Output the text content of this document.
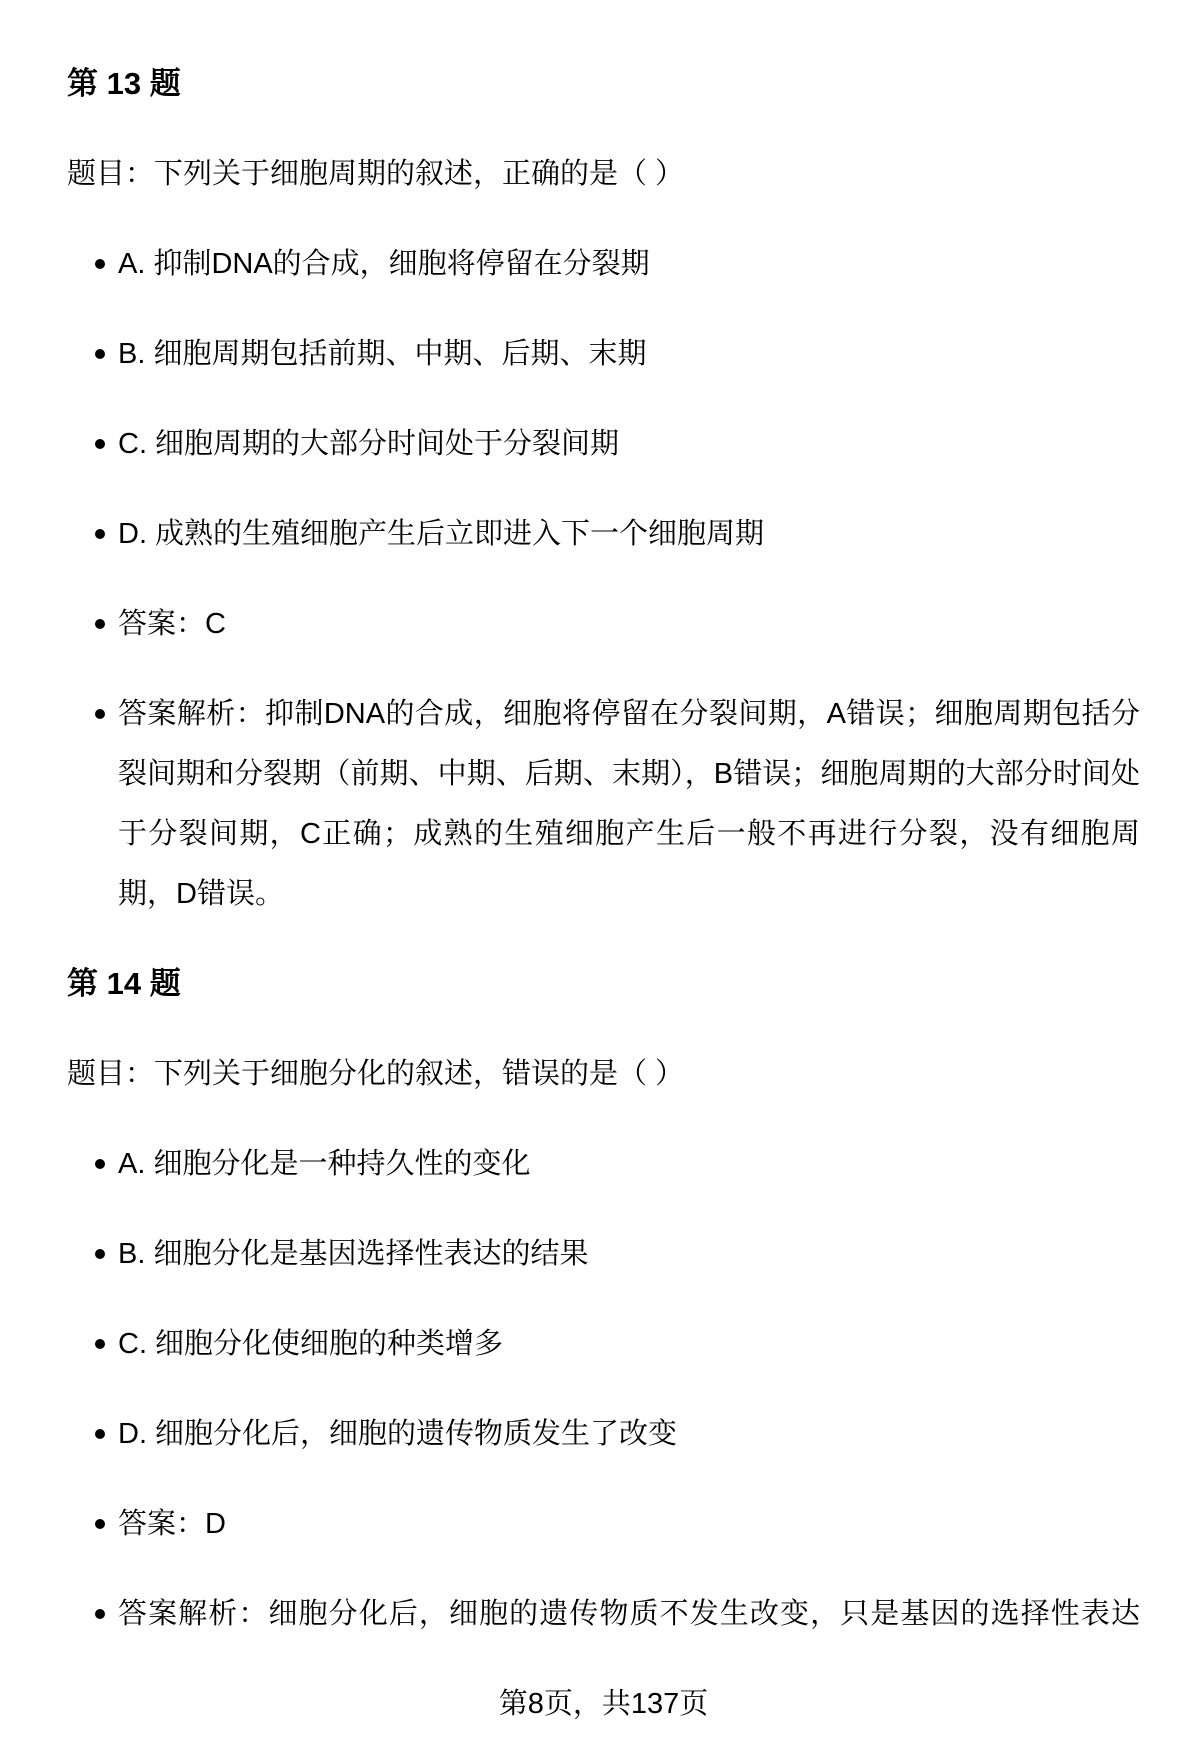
第 13 题

题目：下列关于细胞周期的叙述，正确的是（ ）

A. 抑制DNA的合成，细胞将停留在分裂期
B. 细胞周期包括前期、中期、后期、末期
C. 细胞周期的大部分时间处于分裂间期
D. 成熟的生殖细胞产生后立即进入下一个细胞周期
答案：C
答案解析：抑制DNA的合成，细胞将停留在分裂间期，A错误；细胞周期包括分裂间期和分裂期（前期、中期、后期、末期），B错误；细胞周期的大部分时间处于分裂间期，C正确；成熟的生殖细胞产生后一般不再进行分裂，没有细胞周期，D错误。
第 14 题

题目：下列关于细胞分化的叙述，错误的是（ ）

A. 细胞分化是一种持久性的变化
B. 细胞分化是基因选择性表达的结果
C. 细胞分化使细胞的种类增多
D. 细胞分化后，细胞的遗传物质发生了改变
答案：D
答案解析：细胞分化后，细胞的遗传物质不发生改变，只是基因的选择性表达
第8页，共137页
